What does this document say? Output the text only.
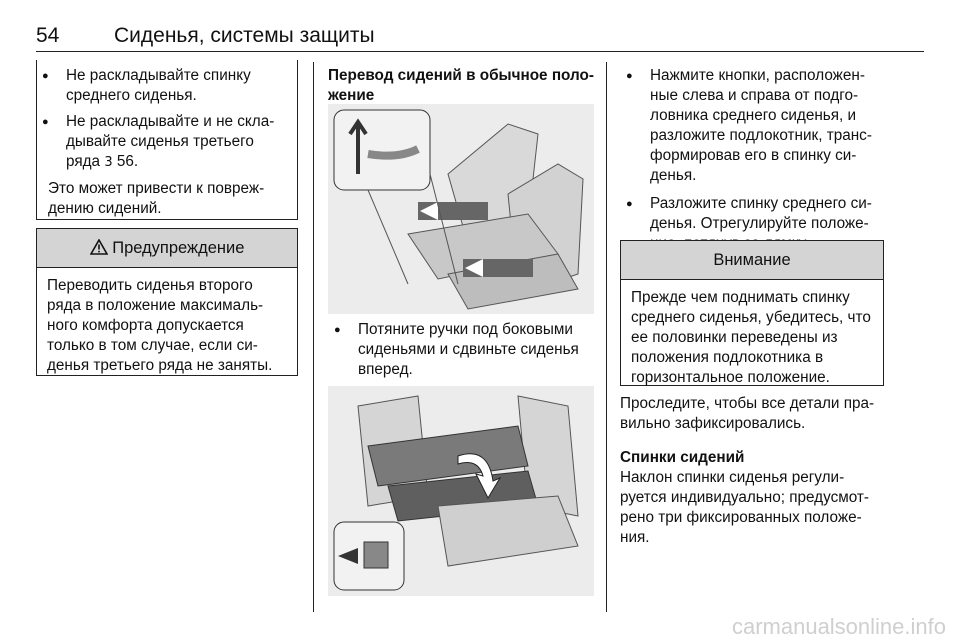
54	Сиденья, системы защиты
● Не раскладывайте спинку среднего сиденья.
● Не раскладывайте и не скла-дывайте сиденья третьего ряда 3 56.

Это может привести к повреж-дению сидений.

Предупреждение
Переводить сиденья второго ряда в положение максималь-ного комфорта допускается только в том случае, если си-денья третьего ряда не заняты.

Перевод сидений в обычное поло-жение

● Потяните ручки под боковыми сиденьями и сдвиньте сиденья вперед.
● Нажмите кнопки, расположен-ные слева и справа от подго-ловника среднего сиденья, и разложите подлокотник, транс-формировав его в спинку си-денья.
● Разложите спинку среднего си-денья. Отрегулируйте положе-
Внимание
Прежде чем поднимать спинку среднего сиденья, убедитесь, что ее половинки переведены из положения подлокотника в горизонтальное положение.

Проследите, чтобы все детали пра-вильно зафиксировались.

Спинки сидений

Наклон спинки сиденья регули-руется индивидуально; предусмот-рено три фиксированных положе-ния.

carmanualsonline.info
